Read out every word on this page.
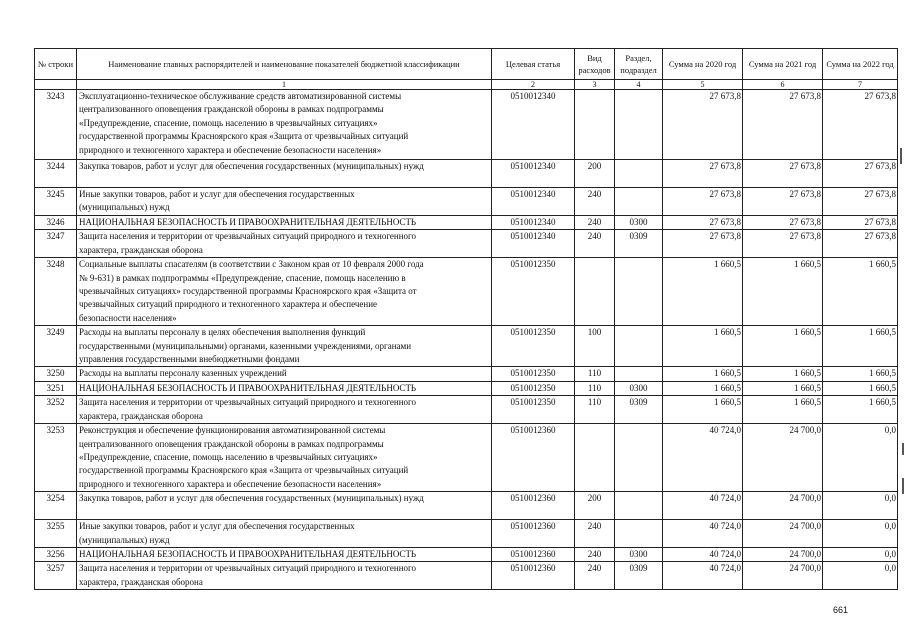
№ строки	Наименование главных распорядителей и наименование показателей бюджетной классификации	Целевая статья	Вид расходов	Раздел, подраздел	Сумма на 2020 год	Сумма на 2021 год	Сумма на 2022 год
	1	2	3	4	5	6	7
3243	Эксплуатационно-техническое обслуживание средств автоматизированной системы
централизованного оповещения гражданской обороны в рамках подпрограммы
«Предупреждение, спасение, помощь населению в чрезвычайных ситуациях»
государственной программы Красноярского края «Защита от чрезвычайных ситуаций
природного и техногенного характера и обеспечение безопасности населения»	0510012340			27 673,8	27 673,8	27 673,8
3244	Закупка товаров, работ и услуг для обеспечения государственных (муниципальных) нужд	0510012340	200		27 673,8	27 673,8	27 673,8
3245	Иные закупки товаров, работ и услуг для обеспечения государственных
(муниципальных) нужд	0510012340	240		27 673,8	27 673,8	27 673,8
3246	НАЦИОНАЛЬНАЯ БЕЗОПАСНОСТЬ И ПРАВООХРАНИТЕЛЬНАЯ ДЕЯТЕЛЬНОСТЬ	0510012340	240	0300	27 673,8	27 673,8	27 673,8
3247	Защита населения и территории от чрезвычайных ситуаций природного и техногенного
характера, гражданская оборона	0510012340	240	0309	27 673,8	27 673,8	27 673,8
3248	Социальные выплаты спасателям (в соответствии с Законом края от 10 февраля 2000 года
№ 9-631) в рамках подпрограммы «Предупреждение, спасение, помощь населению в
чрезвычайных ситуациях» государственной программы Красноярского края «Защита от
чрезвычайных ситуаций природного и техногенного характера и обеспечение
безопасности населения»	0510012350			1 660,5	1 660,5	1 660,5
3249	Расходы на выплаты персоналу в целях обеспечения выполнения функций
государственными (муниципальными) органами, казенными учреждениями, органами
управления государственными внебюджетными фондами	0510012350	100		1 660,5	1 660,5	1 660,5
3250	Расходы на выплаты персоналу казенных учреждений	0510012350	110		1 660,5	1 660,5	1 660,5
3251	НАЦИОНАЛЬНАЯ БЕЗОПАСНОСТЬ И ПРАВООХРАНИТЕЛЬНАЯ ДЕЯТЕЛЬНОСТЬ	0510012350	110	0300	1 660,5	1 660,5	1 660,5
3252	Защита населения и территории от чрезвычайных ситуаций природного и техногенного
характера, гражданская оборона	0510012350	110	0309	1 660,5	1 660,5	1 660,5
3253	Реконструкция и обеспечение функционирования автоматизированной системы
централизованного оповещения гражданской обороны в рамках подпрограммы
«Предупреждение, спасение, помощь населению в чрезвычайных ситуациях»
государственной программы Красноярского края «Защита от чрезвычайных ситуаций
природного и техногенного характера и обеспечение безопасности населения»	0510012360			40 724,0	24 700,0	0,0
3254	Закупка товаров, работ и услуг для обеспечения государственных (муниципальных) нужд	0510012360	200		40 724,0	24 700,0	0,0
3255	Иные закупки товаров, работ и услуг для обеспечения государственных
(муниципальных) нужд	0510012360	240		40 724,0	24 700,0	0,0
3256	НАЦИОНАЛЬНАЯ БЕЗОПАСНОСТЬ И ПРАВООХРАНИТЕЛЬНАЯ ДЕЯТЕЛЬНОСТЬ	0510012360	240	0300	40 724,0	24 700,0	0,0
3257	Защита населения и территории от чрезвычайных ситуаций природного и техногенного
характера, гражданская оборона	0510012360	240	0309	40 724,0	24 700,0	0,0
661
